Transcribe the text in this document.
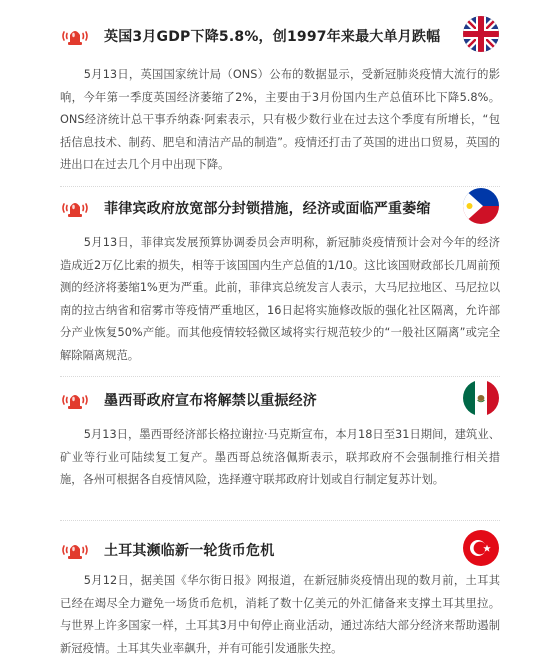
英国3月GDP下降5.8%，创1997年来最大单月跌幅
5月13日，英国国家统计局（ONS）公布的数据显示，受新冠肺炎疫情大流行的影响，今年第一季度英国经济萎缩了2%，主要由于3月份国内生产总值环比下降5.8%。ONS经济统计总干事乔纳森·阿索表示，只有极少数行业在过去这个季度有所增长，“包括信息技术、制药、肥皂和清洁产品的制造”。疫情还打击了英国的进出口贸易，英国的进出口在过去几个月中出现下降。
菲律宾政府放宽部分封锁措施，经济或面临严重萎缩
5月13日，菲律宾发展预算协调委员会声明称，新冠肺炎疫情预计会对今年的经济造成近2万亿比索的损失，相等于该国国内生产总值的1/10。这比该国财政部长几周前预测的经济将萎缩1%更为严重。此前，菲律宾总统发言人表示，大马尼拉地区、马尼拉以南的拉古纳省和宿雾市等疫情严重地区，16日起将实施修改版的强化社区隔离，允许部分产业恢复50%产能。而其他疫情较轻微区域将实行规范较少的“一般社区隔离”或完全解除隔离规范。
墨西哥政府宣布将解禁以重振经济
5月13日，墨西哥经济部长格拉谢拉·马克斯宣布，本月18日至31日期间，建筑业、矿业等行业可陆续复工复产。墨西哥总统洛佩斯表示，联邦政府不会强制推行相关措施，各州可根据各自疫情风险，选择遵守联邦政府计划或自行制定复苏计划。
土耳其濒临新一轮货币危机
5月12日，据美国《华尔街日报》网报道，在新冠肺炎疫情出现的数月前，土耳其已经在竭尽全力避免一场货币危机，消耗了数十亿美元的外汇储备来支撑土耳其里拉。与世界上许多国家一样，土耳其3月中旬停止商业活动，通过冻结大部分经济来帮助遏制新冠疫情。土耳其失业率飙升，并有可能引发通胀失控。
